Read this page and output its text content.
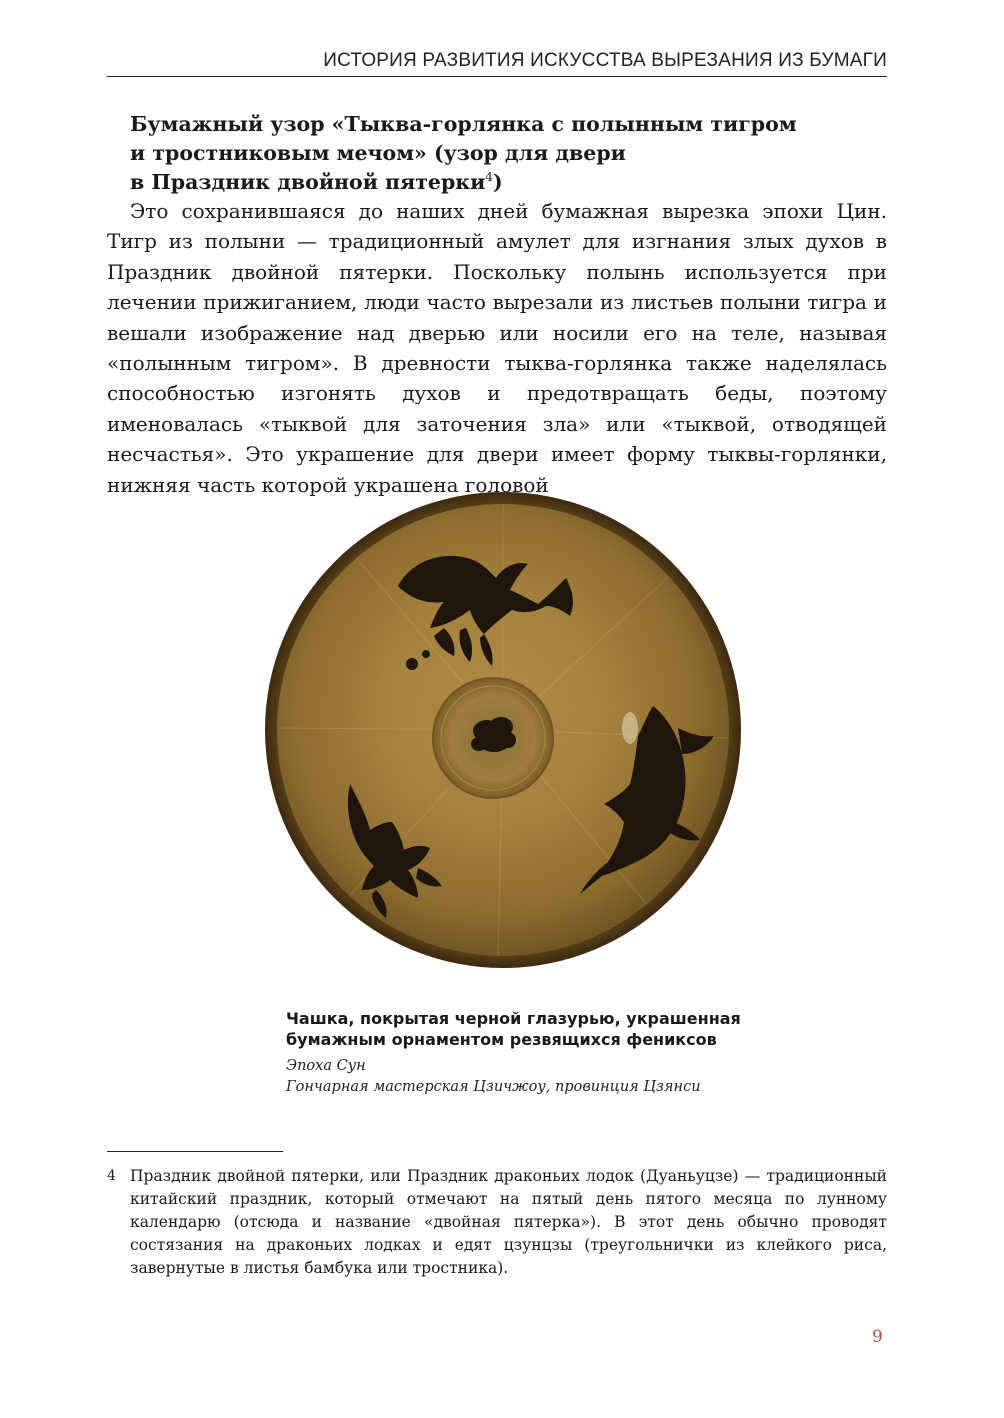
ИСТОРИЯ РАЗВИТИЯ ИСКУССТВА ВЫРЕЗАНИЯ ИЗ БУМАГИ
Бумажный узор «Тыква-горлянка с полынным тигром
и тростниковым мечом» (узор для двери
в Праздник двойной пятерки$^4$)
Это сохранившаяся до наших дней бумажная вырезка эпохи Цин. Тигр из полыни — традиционный амулет для изгнания злых духов в Праздник двойной пятерки. Поскольку полынь используется при лечении прижиганием, люди часто вырезали из листьев полыни тигра и вешали изображение над дверью или носили его на теле, называя «полынным тигром». В древности тыква-горлянка также наделялась способностью изгонять духов и предотвращать беды, поэтому именовалась «тыквой для заточения зла» или «тыквой, отводящей несчастья». Это украшение для двери имеет форму тыквы-горлянки, нижняя часть которой украшена головой
Чашка, покрытая черной глазурью, украшенная бумажным орнаментом резвящихся фениксов
Эпоха Сун
Гончарная мастерская Цзичжоу, провинция Цзянси
4 Праздник двойной пятерки, или Праздник драконьих лодок (Дуаньуцзе) — традиционный китайский праздник, который отмечают на пятый день пятого месяца по лунному календарю (отсюда и название «двойная пятерка»). В этот день обычно проводят состязания на драконьих лодках и едят цзунцзы (треугольнички из клейкого риса, завернутые в листья бамбука или тростника).
9
